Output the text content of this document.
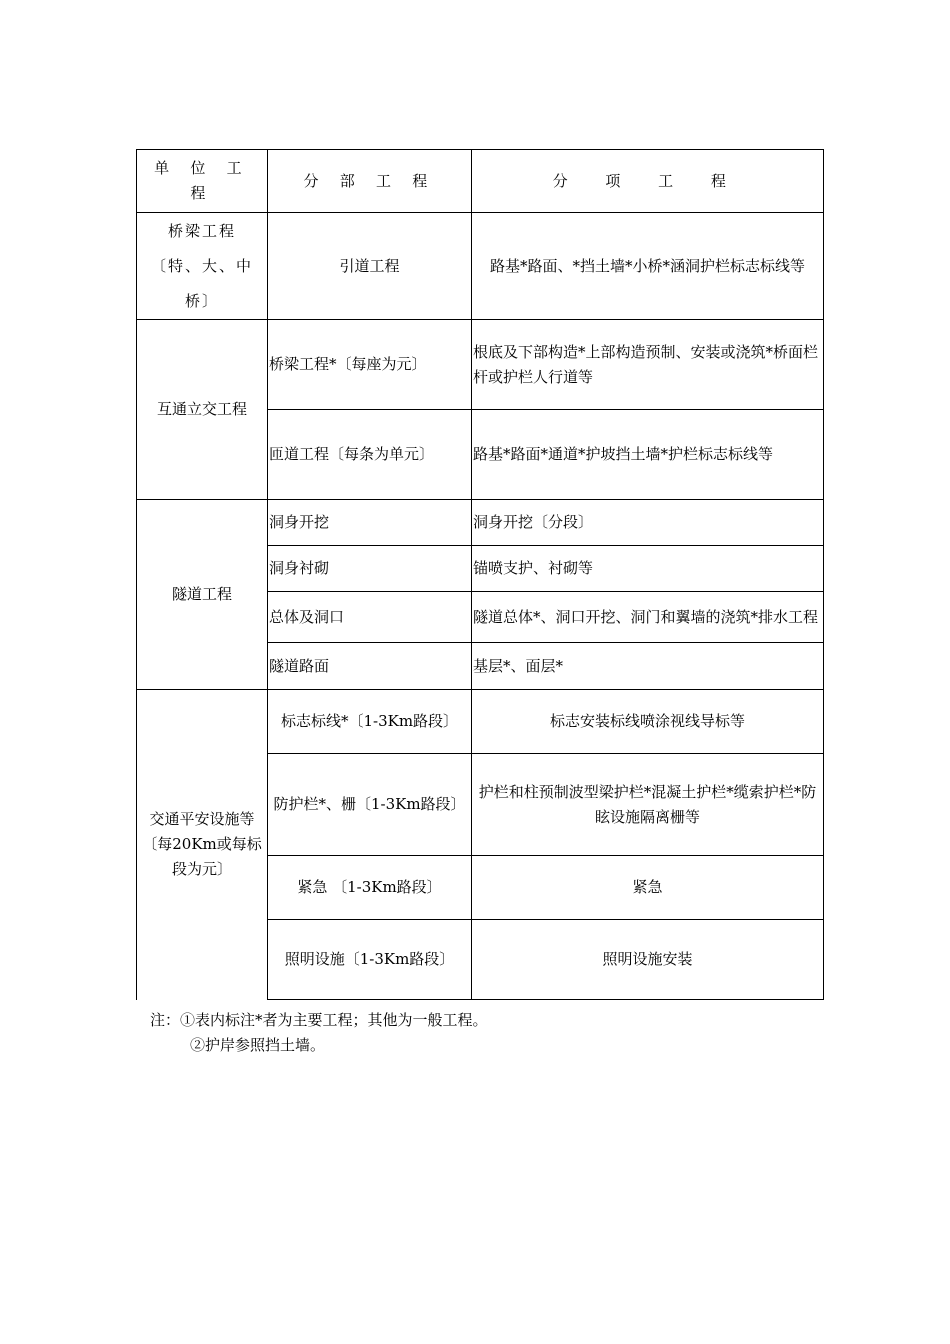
单 位 工 程	分 部 工 程	分 项 工 程
桥梁工程〔特、大、中桥〕	引道工程	路基*路面、*挡土墙*小桥*涵洞护栏标志标线等
互通立交工程	桥梁工程*〔每座为元〕	根底及下部构造*上部构造预制、安装或浇筑*桥面栏杆或护栏人行道等
	匝道工程〔每条为单元〕	路基*路面*通道*护坡挡土墙*护栏标志标线等
隧道工程	洞身开挖	洞身开挖〔分段〕
	洞身衬砌	锚喷支护、衬砌等
	总体及洞口	隧道总体*、洞口开挖、洞门和翼墙的浇筑*排水工程
	隧道路面	基层*、面层*
交通平安设施等〔每20Km或每标段为元〕	标志标线*〔1-3Km路段〕	标志安装标线喷涂视线导标等
	防护栏*、栅〔1-3Km路段〕	护栏和柱预制波型梁护栏*混凝土护栏*缆索护栏*防眩设施隔离栅等
	紧急 〔1-3Km路段〕	紧急
	照明设施〔1-3Km路段〕	照明设施安装
注：①表内标注*者为主要工程；其他为一般工程。
②护岸参照挡土墙。
